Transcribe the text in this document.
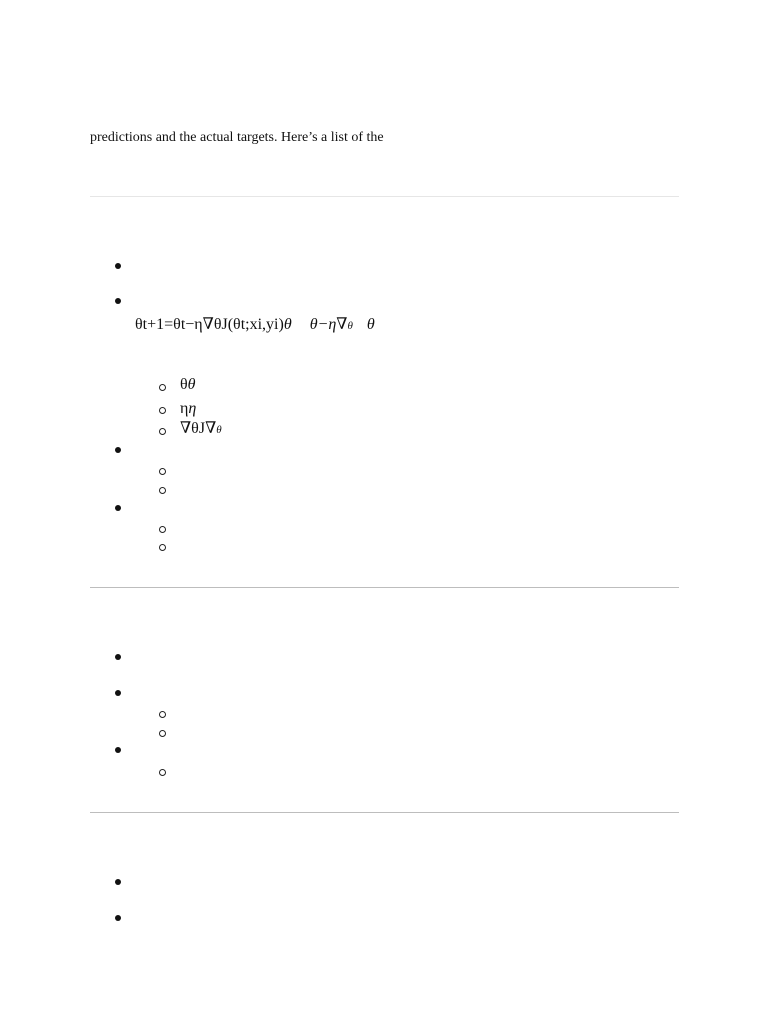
predictions and the actual targets. Here’s a list of the
θt+1=θt−η∇θJ(θt;xi,yi)θ θ−η∇θ θ
θθ
ηη
∇θJ∇θ
